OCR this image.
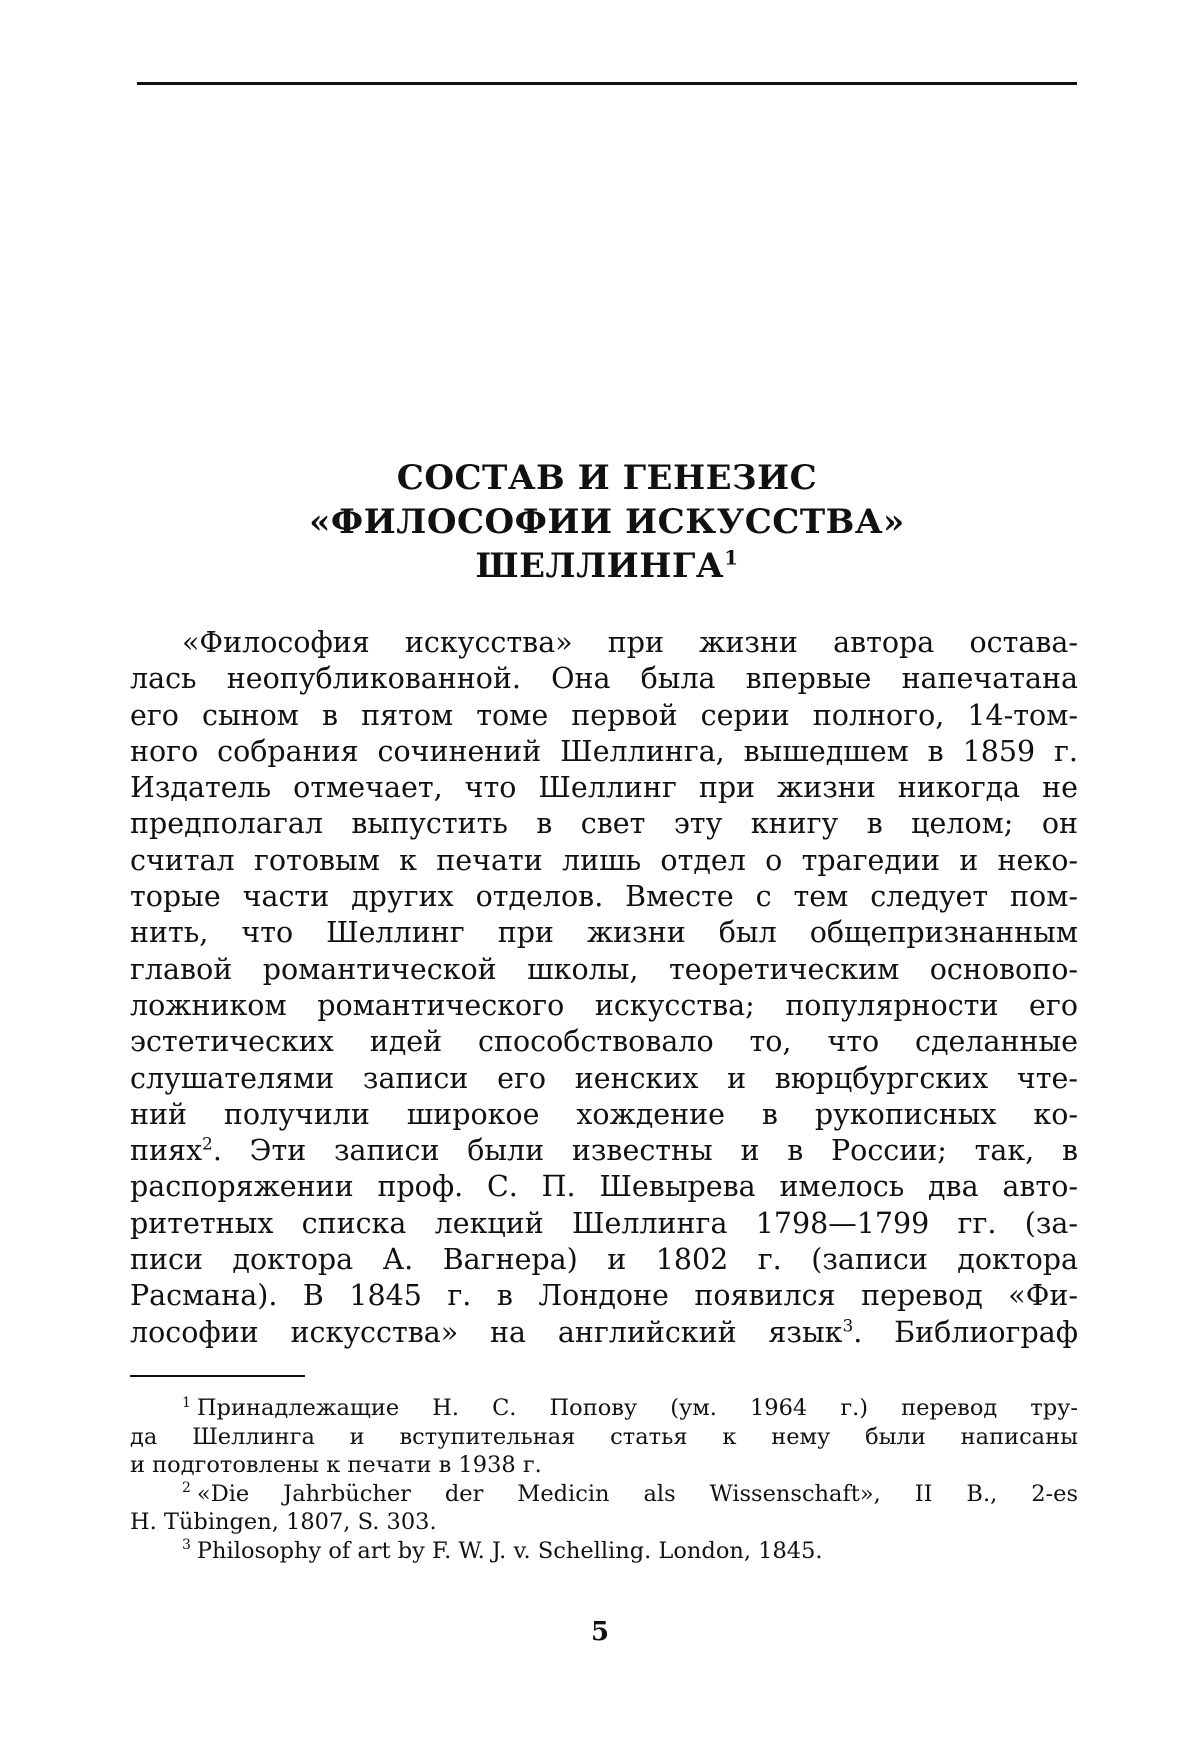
СОСТАВ И ГЕНЕЗИС
«ФИЛОСОФИИ ИСКУССТВА»
ШЕЛЛИНГА$^1$
«Философия искусства» при жизни автора остава-
лась неопубликованной. Она была впервые напечатана
его сыном в пятом томе первой серии полного, 14-том-
ного собрания сочинений Шеллинга, вышедшем в 1859 г.
Издатель отмечает, что Шеллинг при жизни никогда не
предполагал выпустить в свет эту книгу в целом; он
считал готовым к печати лишь отдел о трагедии и неко-
торые части других отделов. Вместе с тем следует пом-
нить, что Шеллинг при жизни был общепризнанным
главой романтической школы, теоретическим основопо-
ложником романтического искусства; популярности его
эстетических идей способствовало то, что сделанные
слушателями записи его иенских и вюрцбургских чте-
ний получили широкое хождение в рукописных ко-
пиях$^2$. Эти записи были известны и в России; так, в
распоряжении проф. С. П. Шевырева имелось два авто-
ритетных списка лекций Шеллинга 1798—1799 гг. (за-
писи доктора А. Вагнера) и 1802 г. (записи доктора
Расмана). В 1845 г. в Лондоне появился перевод «Фи-
лософии искусства» на английский язык$^3$. Библиограф
$^1$ Принадлежащие Н. С. Попову (ум. 1964 г.) перевод тру-
да Шеллинга и вступительная статья к нему были написаны
и подготовлены к печати в 1938 г.
$^2$ «Die Jahrbücher der Medicin als Wissenschaft», II B., 2-es
H. Tübingen, 1807, S. 303.
$^3$ Philosophy of art by F. W. J. v. Schelling. London, 1845.
5
